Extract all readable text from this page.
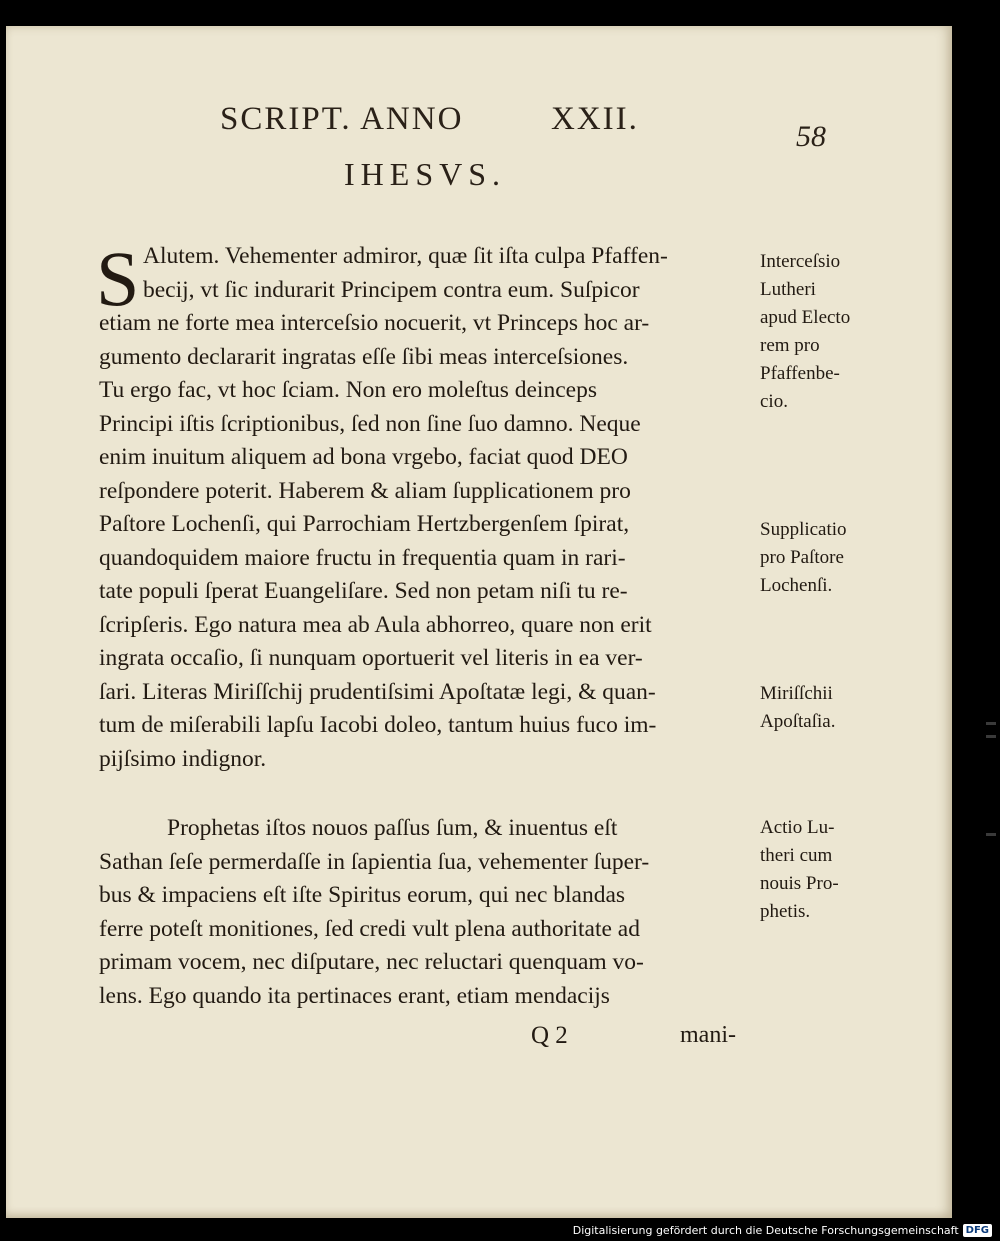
SCRIPT. ANNO	XXII.	58
IHESVS.
S Alutem. Vehementer admiror, quæ ſit iſta culpa Pfaffen-
becij, vt ſic indurarit Principem contra eum. Suſpicor
etiam ne forte mea interceſsio nocuerit, vt Princeps hoc ar-
gumento declararit ingratas eſſe ſibi meas interceſsiones.
Tu ergo fac, vt hoc ſciam. Non ero moleſtus deinceps
Principi iſtis ſcriptionibus, ſed non ſine ſuo damno. Neque
enim inuitum aliquem ad bona vrgebo, faciat quod DEO
reſpondere poterit. Haberem & aliam ſupplicationem pro
Paſtore Lochenſi, qui Parrochiam Hertzbergenſem ſpirat,
quandoquidem maiore fructu in frequentia quam in rari-
tate populi ſperat Euangeliſare. Sed non petam niſi tu re-
ſcripſeris. Ego natura mea ab Aula abhorreo, quare non erit
ingrata occaſio, ſi nunquam oportuerit vel literis in ea ver-
ſari. Literas Miriſſchij prudentiſsimi Apoſtatæ legi, & quan-
tum de miſerabili lapſu Iacobi doleo, tantum huius fuco im-
pijſsimo indignor.
Prophetas iſtos nouos paſſus ſum, & inuentus eſt
Sathan ſeſe permerdaſſe in ſapientia ſua, vehementer ſuper-
bus & impaciens eſt iſte Spiritus eorum, qui nec blandas
ferre poteſt monitiones, ſed credi vult plena authoritate ad
primam vocem, nec diſputare, nec reluctari quenquam vo-
lens. Ego quando ita pertinaces erant, etiam mendacijs
Interceſsio
Lutheri
apud Electo
rem pro
Pfaffenbe-
cio.
Supplicatio
pro Paſtore
Lochenſi.
Miriſſchii
Apoſtaſia.
Actio Lu-
theri cum
nouis Pro-
phetis.
Q 2	mani-
Digitalisierung gefördert durch die Deutsche Forschungsgemeinschaft DFG
